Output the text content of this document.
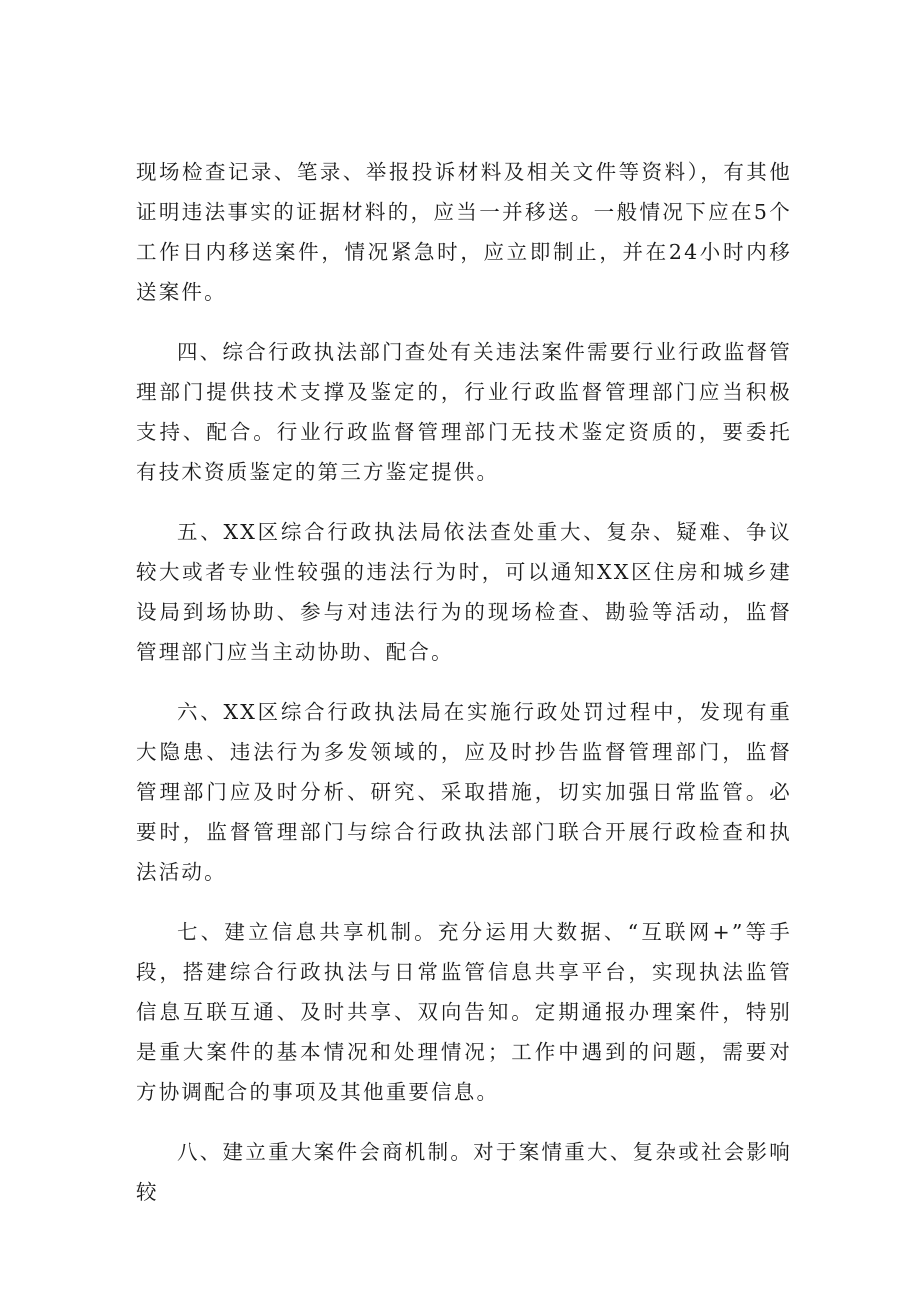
现场检查记录、笔录、举报投诉材料及相关文件等资料），有其他证明违法事实的证据材料的，应当一并移送。一般情况下应在5个工作日内移送案件，情况紧急时，应立即制止，并在24小时内移送案件。

四、综合行政执法部门查处有关违法案件需要行业行政监督管理部门提供技术支撑及鉴定的，行业行政监督管理部门应当积极支持、配合。行业行政监督管理部门无技术鉴定资质的，要委托有技术资质鉴定的第三方鉴定提供。

五、XX区综合行政执法局依法查处重大、复杂、疑难、争议较大或者专业性较强的违法行为时，可以通知XX区住房和城乡建设局到场协助、参与对违法行为的现场检查、勘验等活动，监督管理部门应当主动协助、配合。

六、XX区综合行政执法局在实施行政处罚过程中，发现有重大隐患、违法行为多发领域的，应及时抄告监督管理部门，监督管理部门应及时分析、研究、采取措施，切实加强日常监管。必要时，监督管理部门与综合行政执法部门联合开展行政检查和执法活动。

七、建立信息共享机制。充分运用大数据、“互联网+”等手段，搭建综合行政执法与日常监管信息共享平台，实现执法监管信息互联互通、及时共享、双向告知。定期通报办理案件，特别是重大案件的基本情况和处理情况；工作中遇到的问题，需要对方协调配合的事项及其他重要信息。

八、建立重大案件会商机制。对于案情重大、复杂或社会影响较
